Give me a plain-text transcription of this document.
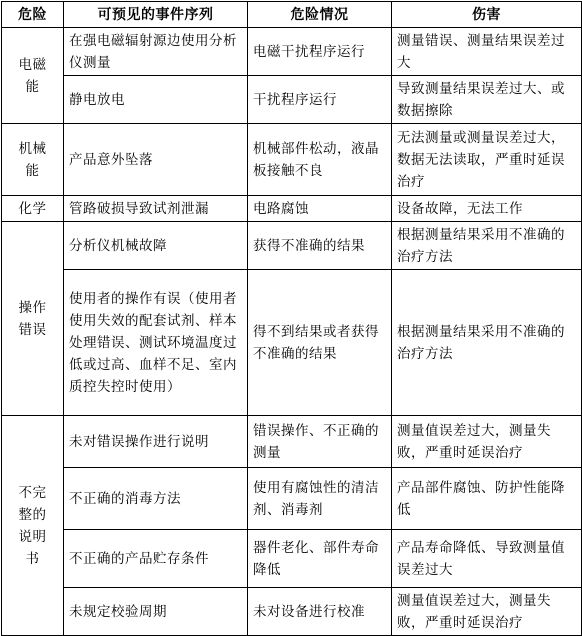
危险	可预见的事件序列	危险情况	伤害
电磁能	在强电磁辐射源边使用分析仪测量	电磁干扰程序运行	测量错误、测量结果误差过大
	静电放电	干扰程序运行	导致测量结果误差过大、或数据擦除
机械能	产品意外坠落	机械部件松动，液晶板接触不良	无法测量或测量误差过大，数据无法读取，严重时延误治疗
化学	管路破损导致试剂泄漏	电路腐蚀	设备故障，无法工作
操作错误	分析仪机械故障	获得不准确的结果	根据测量结果采用不准确的治疗方法
	使用者的操作有误（使用者使用失效的配套试剂、样本处理错误、测试环境温度过低或过高、血样不足、室内质控失控时使用）	得不到结果或者获得不准确的结果	根据测量结果采用不准确的治疗方法
不完整的说明书	未对错误操作进行说明	错误操作、不正确的测量	测量值误差过大，测量失败，严重时延误治疗
	不正确的消毒方法	使用有腐蚀性的清洁剂、消毒剂	产品部件腐蚀、防护性能降低
	不正确的产品贮存条件	器件老化、部件寿命降低	产品寿命降低、导致测量值误差过大
	未规定校验周期	未对设备进行校准	测量值误差过大，测量失败，严重时延误治疗
